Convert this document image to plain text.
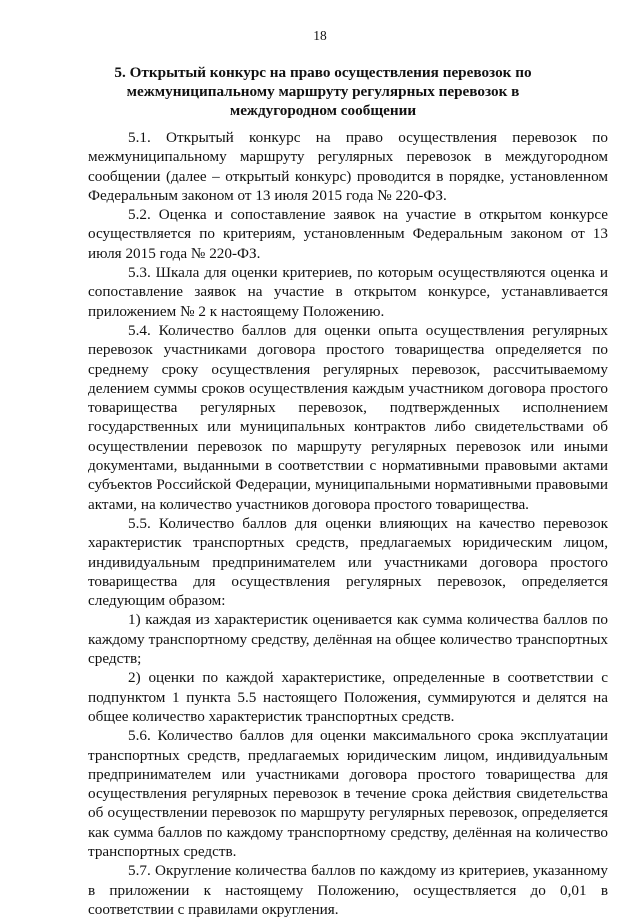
18
5. Открытый конкурс на право осуществления перевозок по межмуниципальному маршруту регулярных перевозок в междугородном сообщении

5.1. Открытый конкурс на право осуществления перевозок по межмуниципальному маршруту регулярных перевозок в междугородном сообщении (далее – открытый конкурс) проводится в порядке, установленном Федеральным законом от 13 июля 2015 года № 220-ФЗ.

5.2. Оценка и сопоставление заявок на участие в открытом конкурсе осуществляется по критериям, установленным Федеральным законом от 13 июля 2015 года № 220-ФЗ.

5.3. Шкала для оценки критериев, по которым осуществляются оценка и сопоставление заявок на участие в открытом конкурсе, устанавливается приложением № 2 к настоящему Положению.

5.4. Количество баллов для оценки опыта осуществления регулярных перевозок участниками договора простого товарищества определяется по среднему сроку осуществления регулярных перевозок, рассчитываемому делением суммы сроков осуществления каждым участником договора простого товарищества регулярных перевозок, подтвержденных исполнением государственных или муниципальных контрактов либо свидетельствами об осуществлении перевозок по маршруту регулярных перевозок или иными документами, выданными в соответствии с нормативными правовыми актами субъектов Российской Федерации, муниципальными нормативными правовыми актами, на количество участников договора простого товарищества.

5.5. Количество баллов для оценки влияющих на качество перевозок характеристик транспортных средств, предлагаемых юридическим лицом, индивидуальным предпринимателем или участниками договора простого товарищества для осуществления регулярных перевозок, определяется следующим образом:

1) каждая из характеристик оценивается как сумма количества баллов по каждому транспортному средству, делённая на общее количество транспортных средств;

2) оценки по каждой характеристике, определенные в соответствии с подпунктом 1 пункта 5.5 настоящего Положения, суммируются и делятся на общее количество характеристик транспортных средств.

5.6. Количество баллов для оценки максимального срока эксплуатации транспортных средств, предлагаемых юридическим лицом, индивидуальным предпринимателем или участниками договора простого товарищества для осуществления регулярных перевозок в течение срока действия свидетельства об осуществлении перевозок по маршруту регулярных перевозок, определяется как сумма баллов по каждому транспортному средству, делённая на количество транспортных средств.

5.7. Округление количества баллов по каждому из критериев, указанному в приложении к настоящему Положению, осуществляется до 0,01 в соответствии с правилами округления.
